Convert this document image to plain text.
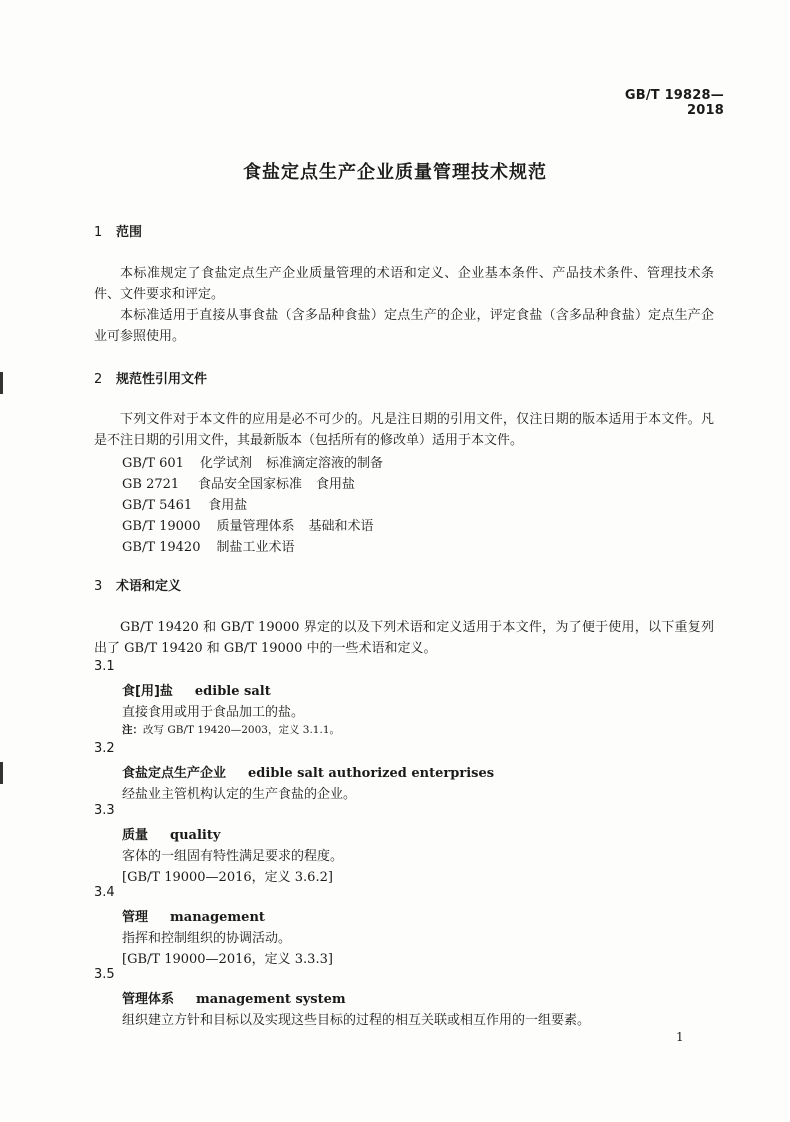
GB/T 19828—2018
食盐定点生产企业质量管理技术规范
1 范围
本标准规定了食盐定点生产企业质量管理的术语和定义、企业基本条件、产品技术条件、管理技术条件、文件要求和评定。
本标准适用于直接从事食盐（含多品种食盐）定点生产的企业，评定食盐（含多品种食盐）定点生产企业可参照使用。
2 规范性引用文件
下列文件对于本文件的应用是必不可少的。凡是注日期的引用文件，仅注日期的版本适用于本文件。凡是不注日期的引用文件，其最新版本（包括所有的修改单）适用于本文件。
GB/T 601 化学试剂 标准滴定溶液的制备
GB 2721 食品安全国家标准 食用盐
GB/T 5461 食用盐
GB/T 19000 质量管理体系 基础和术语
GB/T 19420 制盐工业术语
3 术语和定义
GB/T 19420 和 GB/T 19000 界定的以及下列术语和定义适用于本文件，为了便于使用，以下重复列出了 GB/T 19420 和 GB/T 19000 中的一些术语和定义。
3.1
食[用]盐 edible salt
直接食用或用于食品加工的盐。
注：改写 GB/T 19420—2003，定义 3.1.1。
3.2
食盐定点生产企业 edible salt authorized enterprises
经盐业主管机构认定的生产食盐的企业。
3.3
质量 quality
客体的一组固有特性满足要求的程度。
[GB/T 19000—2016，定义 3.6.2]
3.4
管理 management
指挥和控制组织的协调活动。
[GB/T 19000—2016，定义 3.3.3]
3.5
管理体系 management system
组织建立方针和目标以及实现这些目标的过程的相互关联或相互作用的一组要素。
1
